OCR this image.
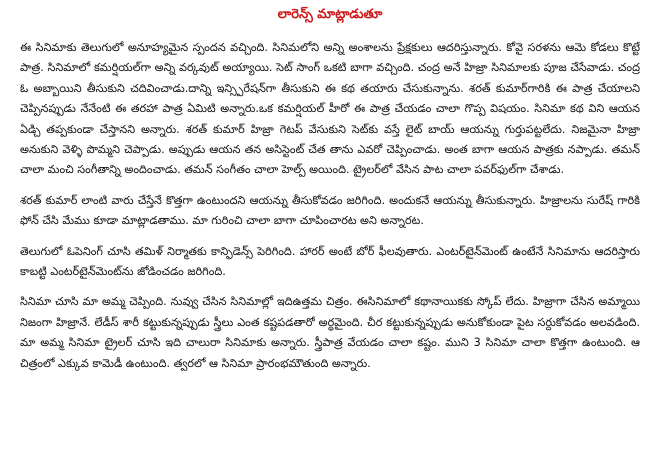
లారెన్స్ మాట్లాడుతూ

ఈ సినిమాకు తెలుగులో అనూహ్యమైన స్పందన వచ్చింది. సినిమలోని అన్ని అంశాలను ప్రేక్షకులు ఆదరిస్తున్నారు. కోవై సరళను ఆమె కోడలు కొట్టే పాత్ర. సినిమాలో కమర్షియల్‌గా అన్ని వర్కవుట్ అయ్యాయి. సెట్ సాంగ్ ఒకటి బాగా వచ్చింది. చంద్ర అనే హిజ్రా సినిమాలకు పూజ చేసేవాడు. చంద్ర ఓ అబ్బాయిని తీసుకుని చదివించాడు.దాన్ని ఇన్స్పిరేషన్‌గా తీసుకుని ఈ కథ తయారు చేసుకున్నాను. శరత్ కుమార్‌గారికి ఈ పాత్ర చేయాలని చెప్పినప్పుడు నేనేంటి ఈ తరహా పాత్ర ఏమిటి అన్నారు.ఒక కమర్షియల్ హీరో ఈ పాత్ర చేయడం చాలా గొప్ప విషయం. సినిమా కథ విని ఆయన ఏడ్చి తప్పకుండా చేస్తానని అన్నారు. శరత్ కుమార్ హిజ్రా గెటప్ వేసుకుని సెట్‌కు వస్తే లైట్ బాయ్ ఆయన్ను గుర్తుపట్టలేదు. నిజమైనా హిజ్రా అనుకుని వెళ్ళి పొమ్మని చెప్పాడు. అప్పుడు ఆయన తన అసిస్టెంట్ చేత తాను ఎవరో చెప్పించాడు. అంత బాగా ఆయన పాత్రకు నప్పాడు. తమన్ చాలా మంచి సంగీతాన్ని అందించాడు. తమన్ సంగీతం చాలా హెల్ప్ అయింది. ట్రైలర్‌లో వేసిన పాట చాలా పవర్‌ఫుల్‌గా చేశాడు.

శరత్ కుమార్ లాంటి వారు చేస్తేనే కొత్తగా ఉంటుందని ఆయన్ను తీసుకోవడం జరిగింది. అందుకనే ఆయన్ను తీసుకున్నారు. హిజ్రాలను సురేష్ గారికి ఫోన్ చేసి మేము కూడా మాట్లాడతాము. మా గురించి చాలా బాగా చూపించారట అని అన్నారట.

తెలుగులో ఓపెనింగ్ చూసి తమిళ్ నిర్మాతకు కాన్ఫిడెన్స్ పెరిగింది. హారర్ అంటే బోర్ ఫీలవుతారు. ఎంటర్‌టైన్‌మెంట్ ఉంటేనే సినిమాను ఆదరిస్తారు కాబట్టి ఎంటర్‌టైన్‌మెంట్‌ను జోడించడం జరిగింది.

సినిమా చూసి మా అమ్మ చెప్పింది. నువ్వు చేసిన సినిమాల్లో ఇదిఉత్తమ చిత్రం. ఈసినిమాలో కథానాయికకు స్కోప్ లేదు. హిజ్రాగా చేసిన అమ్మాయి నిజంగా హిజ్రానే. లేడీస్ శారీ కట్టుకున్నప్పుడు స్త్రీలు ఎంత కష్టపడతారో అర్థమైంది. చీర కట్టుకున్నప్పుడు అనుకోకుండా పైట సర్దుకోవడం అలవడింది. మా అమ్మ సినిమా ట్రైలర్ చూసి ఇది చాలురా సినిమాకు అన్నారు. స్త్రీపాత్ర వేయడం చాలా కష్టం. ముని 3 సినిమా చాలా కొత్తగా ఉంటుంది. ఆ చిత్రంలో ఎక్కువ కామెడీ ఉంటుంది. త్వరలో ఆ సినిమా ప్రారంభమౌతుంది అన్నారు.
